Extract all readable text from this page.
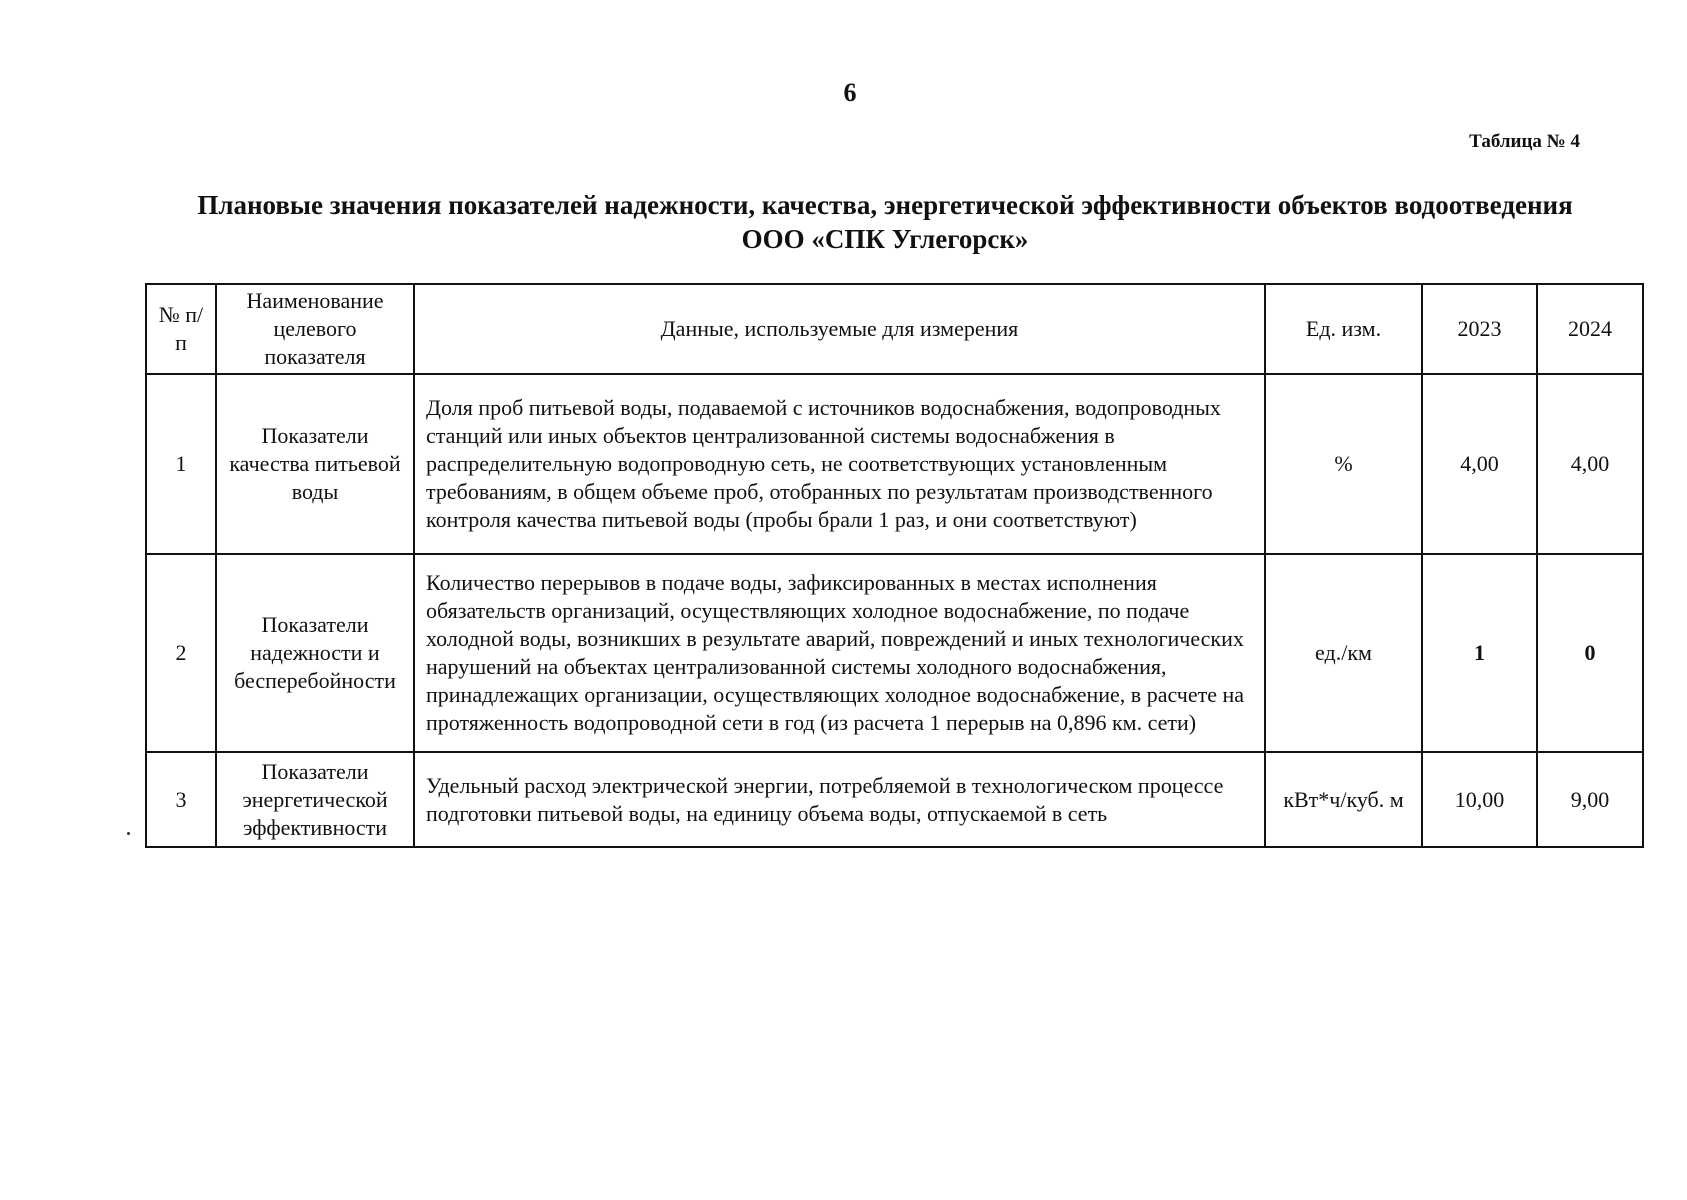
6
Таблица № 4
Плановые значения показателей надежности, качества, энергетической эффективности объектов водоотведения
ООО «СПК Углегорск»
№ п/п	Наименование целевого показателя	Данные, используемые для измерения	Ед. изм.	2023	2024
1	Показатели качества питьевой воды	Доля проб питьевой воды, подаваемой с источников водоснабжения, водопроводных станций или иных объектов централизованной системы водоснабжения в распределительную водопроводную сеть, не соответствующих установленным требованиям, в общем объеме проб, отобранных по результатам производственного контроля качества питьевой воды (пробы брали 1 раз, и они соответствуют)	%	4,00	4,00
2	Показатели надежности и бесперебойности	Количество перерывов в подаче воды, зафиксированных в местах исполнения обязательств организаций, осуществляющих холодное водоснабжение, по подаче холодной воды, возникших в результате аварий, повреждений и иных технологических нарушений на объектах централизованной системы холодного водоснабжения, принадлежащих организации, осуществляющих холодное водоснабжение, в расчете на протяженность водопроводной сети в год (из расчета 1 перерыв на 0,896 км. сети)	ед./км	1	0
3	Показатели энергетической эффективности	Удельный расход электрической энергии, потребляемой в технологическом процессе подготовки питьевой воды, на единицу объема воды, отпускаемой в сеть	кВт*ч/куб. м	10,00	9,00
